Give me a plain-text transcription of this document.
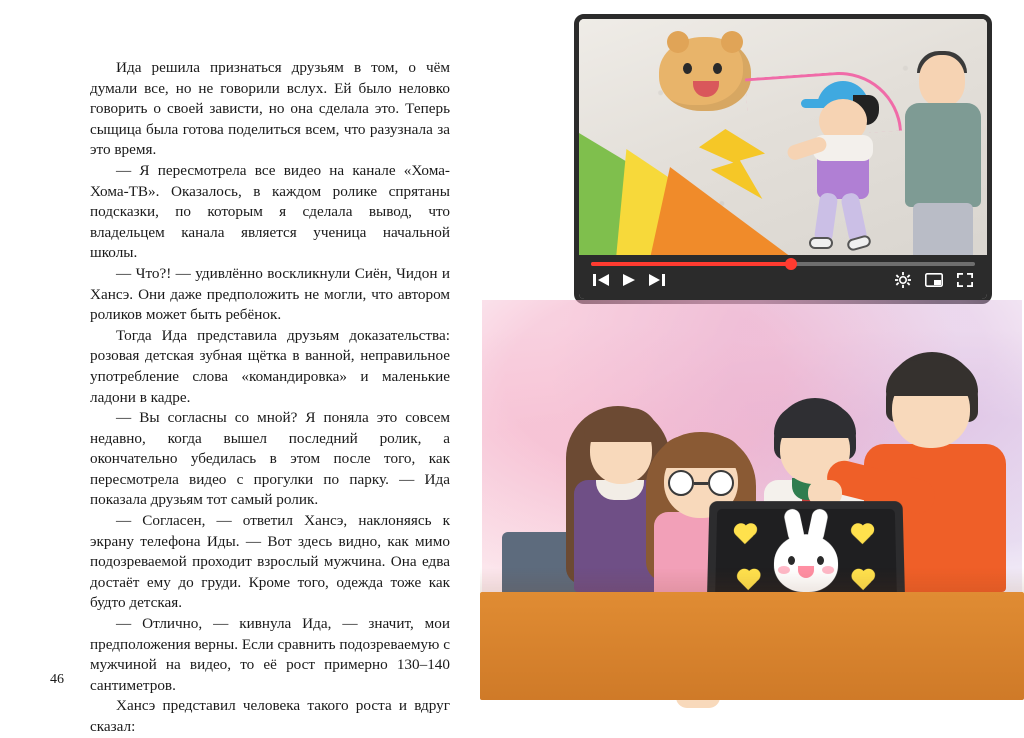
Ида решила признаться друзьям в том, о чём думали все, но не говорили вслух. Ей было неловко говорить о своей зависти, но она сделала это. Теперь сыщица была готова поделиться всем, что разузнала за это время.

— Я пересмотрела все видео на канале «Хома-Хома-ТВ». Оказалось, в каждом ролике спрятаны подсказки, по которым я сделала вывод, что владельцем канала является ученица начальной школы.

— Что?! — удивлённо воскликнули Сиён, Чидон и Хансэ. Они даже предположить не могли, что автором роликов может быть ребёнок.

Тогда Ида представила друзьям доказательства: розовая детская зубная щётка в ванной, неправильное употребление слова «командировка» и маленькие ладони в кадре.

— Вы согласны со мной? Я поняла это совсем недавно, когда вышел последний ролик, а окончательно убедилась в этом после того, как пересмотрела видео с прогулки по парку. — Ида показала друзьям тот самый ролик.

— Согласен, — ответил Хансэ, наклоняясь к экрану телефона Иды. — Вот здесь видно, как мимо подозреваемой проходит взрослый мужчина. Она едва достаёт ему до груди. Кроме того, одежда тоже как будто детская.

— Отлично, — кивнула Ида, — значит, мои предположения верны. Если сравнить подозреваемую с мужчиной на видео, то её рост примерно 130–140 сантиметров.

Хансэ представил человека такого роста и вдруг сказал:

46
